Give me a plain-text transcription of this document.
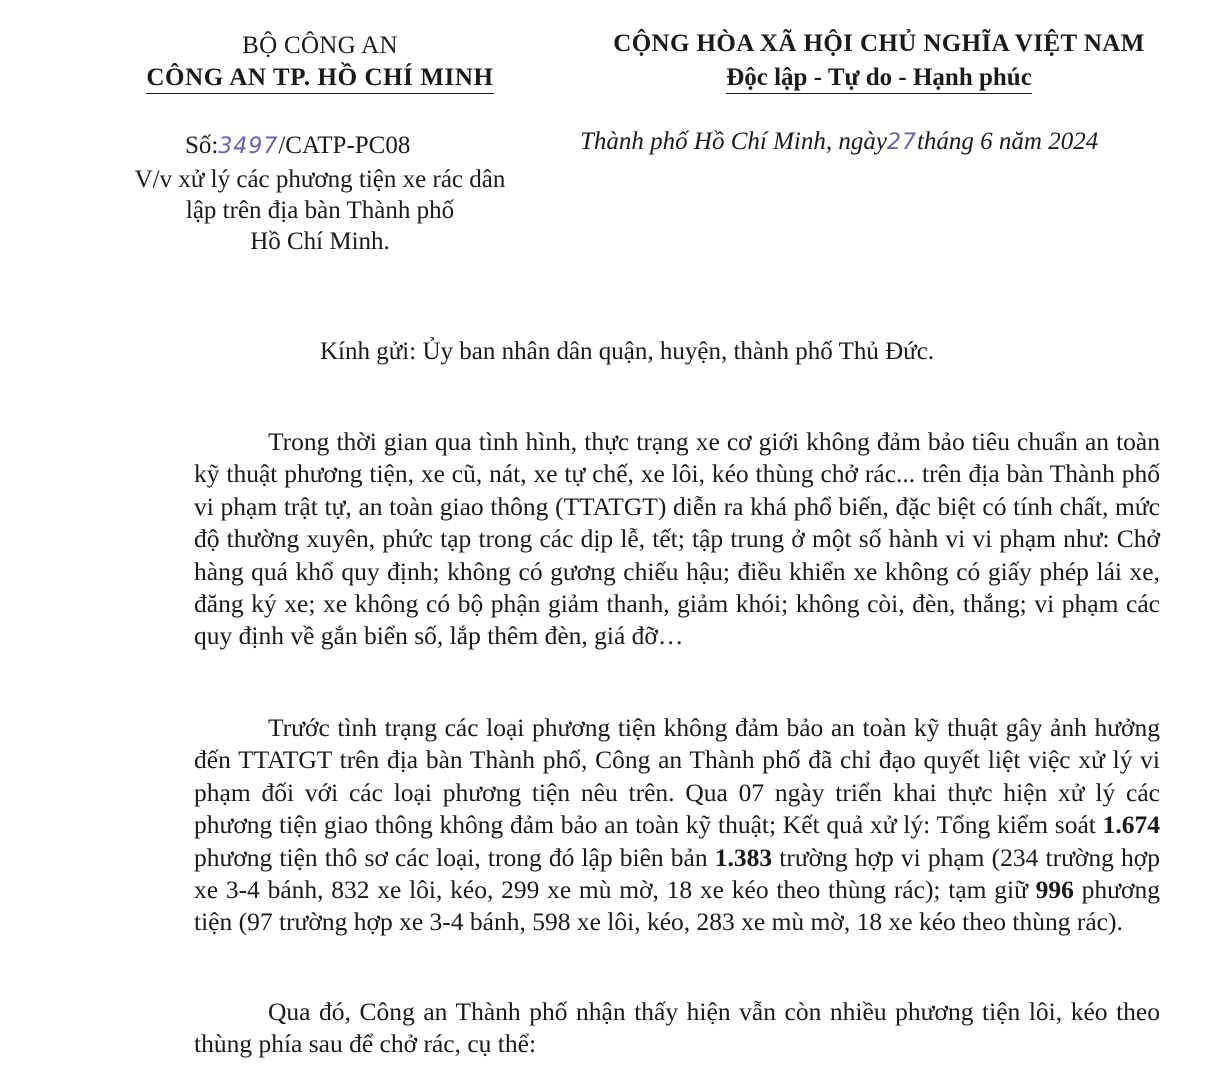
BỘ CÔNG AN
CÔNG AN TP. HỒ CHÍ MINH
CỘNG HÒA XÃ HỘI CHỦ NGHĨA VIỆT NAM
Độc lập - Tự do - Hạnh phúc
Số:3497/CATP-PC08
V/v xử lý các phương tiện xe rác dân
lập trên địa bàn Thành phố
Hồ Chí Minh.
Thành phố Hồ Chí Minh, ngày27tháng 6 năm 2024
Kính gửi: Ủy ban nhân dân quận, huyện, thành phố Thủ Đức.

Trong thời gian qua tình hình, thực trạng xe cơ giới không đảm bảo tiêu chuẩn an toàn kỹ thuật phương tiện, xe cũ, nát, xe tự chế, xe lôi, kéo thùng chở rác... trên địa bàn Thành phố vi phạm trật tự, an toàn giao thông (TTATGT) diễn ra khá phổ biến, đặc biệt có tính chất, mức độ thường xuyên, phức tạp trong các dịp lễ, tết; tập trung ở một số hành vi vi phạm như: Chở hàng quá khổ quy định; không có gương chiếu hậu; điều khiển xe không có giấy phép lái xe, đăng ký xe; xe không có bộ phận giảm thanh, giảm khói; không còi, đèn, thắng; vi phạm các quy định về gắn biển số, lắp thêm đèn, giá đỡ…

Trước tình trạng các loại phương tiện không đảm bảo an toàn kỹ thuật gây ảnh hưởng đến TTATGT trên địa bàn Thành phố, Công an Thành phố đã chỉ đạo quyết liệt việc xử lý vi phạm đối với các loại phương tiện nêu trên. Qua 07 ngày triển khai thực hiện xử lý các phương tiện giao thông không đảm bảo an toàn kỹ thuật; Kết quả xử lý: Tổng kiểm soát 1.674 phương tiện thô sơ các loại, trong đó lập biên bản 1.383 trường hợp vi phạm (234 trường hợp xe 3-4 bánh, 832 xe lôi, kéo, 299 xe mù mờ, 18 xe kéo theo thùng rác); tạm giữ 996 phương tiện (97 trường hợp xe 3-4 bánh, 598 xe lôi, kéo, 283 xe mù mờ, 18 xe kéo theo thùng rác).

Qua đó, Công an Thành phố nhận thấy hiện vẫn còn nhiều phương tiện lôi, kéo theo thùng phía sau để chở rác, cụ thể:
